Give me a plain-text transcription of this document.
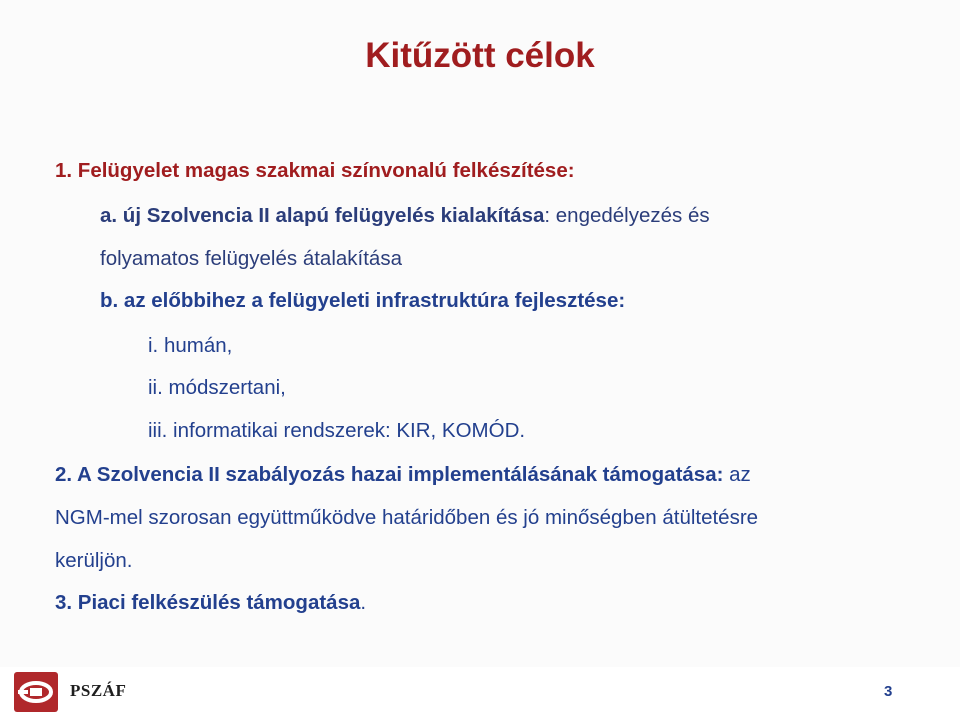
Kitűzött célok
1. Felügyelet magas szakmai színvonalú felkészítése:
a. új Szolvencia II alapú felügyelés kialakítása: engedélyezés és
folyamatos felügyelés átalakítása
b. az előbbihez a felügyeleti infrastruktúra fejlesztése:
i. humán,
ii. módszertani,
iii. informatikai rendszerek: KIR, KOMÓD.
2. A Szolvencia II szabályozás hazai implementálásának támogatása: az
NGM-mel szorosan együttműködve határidőben és jó minőségben átültetésre
kerüljön.
3. Piaci felkészülés támogatása.
PSZÁF	3
